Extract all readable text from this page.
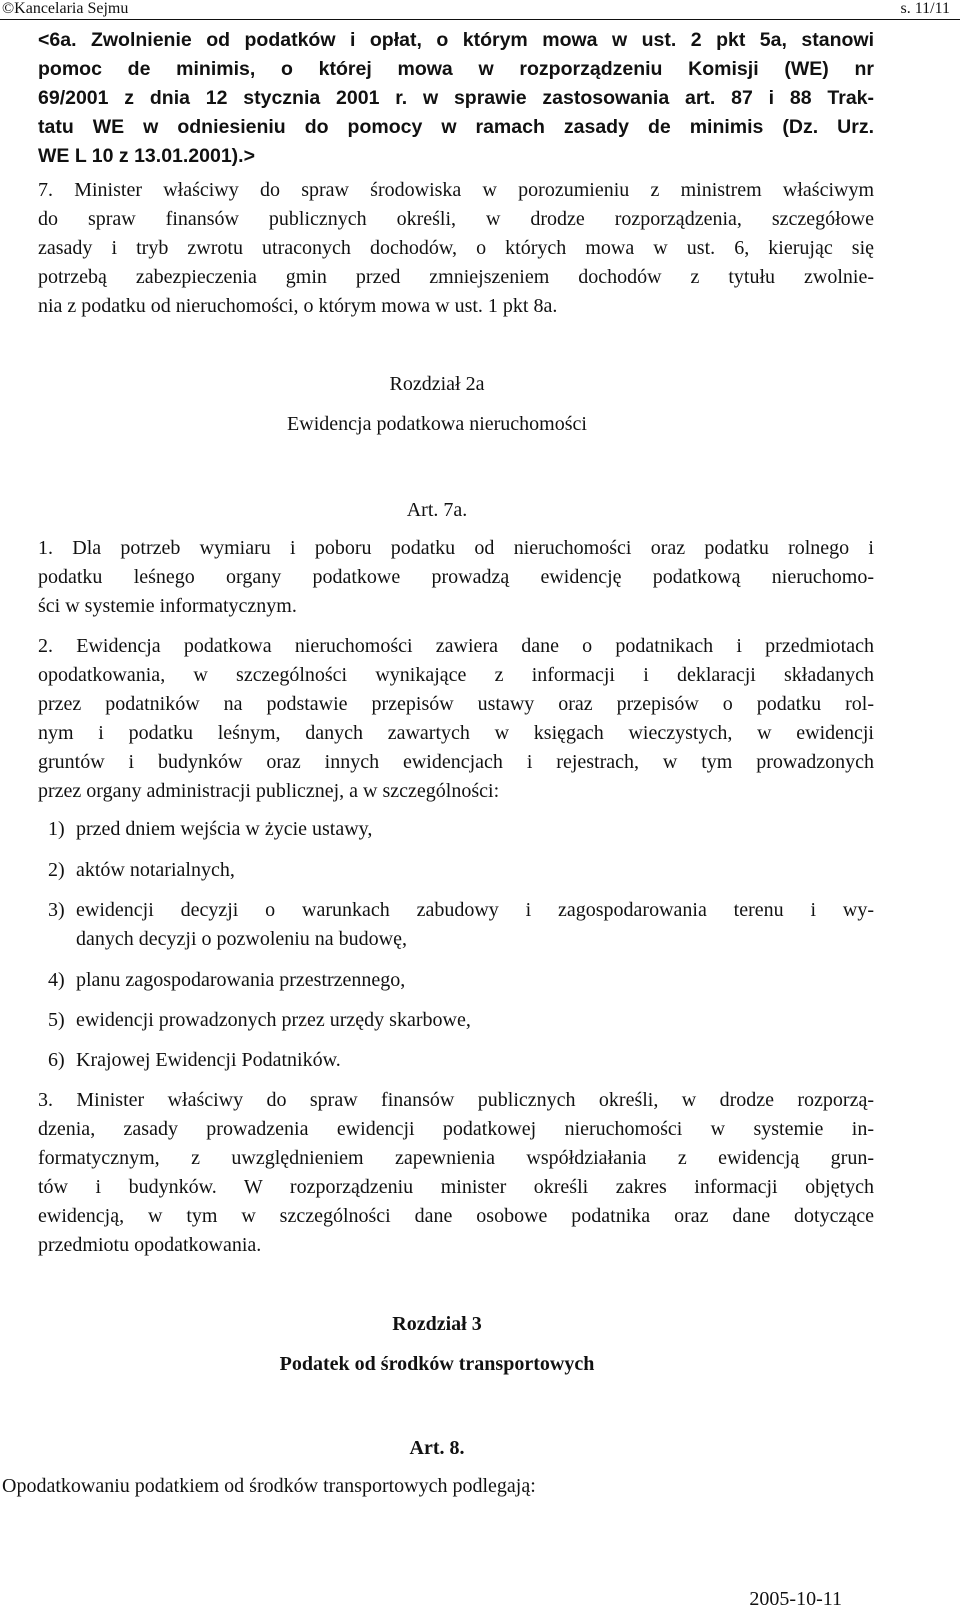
©Kancelaria Sejmu	s. 11/11
<6a. Zwolnienie od podatków i opłat, o którym mowa w ust. 2 pkt 5a, stanowi
pomoc de minimis, o której mowa w rozporządzeniu Komisji (WE) nr
69/2001 z dnia 12 stycznia 2001 r. w sprawie zastosowania art. 87 i 88 Trak-
tatu WE w odniesieniu do pomocy w ramach zasady de minimis (Dz. Urz.
WE L 10 z 13.01.2001).>
7. Minister właściwy do spraw środowiska w porozumieniu z ministrem właściwym
do spraw finansów publicznych określi, w drodze rozporządzenia, szczegółowe
zasady i tryb zwrotu utraconych dochodów, o których mowa w ust. 6, kierując się
potrzebą zabezpieczenia gmin przed zmniejszeniem dochodów z tytułu zwolnie-
nia z podatku od nieruchomości, o którym mowa w ust. 1 pkt 8a.
Rozdział 2a
Ewidencja podatkowa nieruchomości
Art. 7a.
1. Dla potrzeb wymiaru i poboru podatku od nieruchomości oraz podatku rolnego i
podatku leśnego organy podatkowe prowadzą ewidencję podatkową nieruchomo-
ści w systemie informatycznym.
2. Ewidencja podatkowa nieruchomości zawiera dane o podatnikach i przedmiotach
opodatkowania, w szczególności wynikające z informacji i deklaracji składanych
przez podatników na podstawie przepisów ustawy oraz przepisów o podatku rol-
nym i podatku leśnym, danych zawartych w księgach wieczystych, w ewidencji
gruntów i budynków oraz innych ewidencjach i rejestrach, w tym prowadzonych
przez organy administracji publicznej, a w szczególności:
1) przed dniem wejścia w życie ustawy,
2) aktów notarialnych,
3) ewidencji decyzji o warunkach zabudowy i zagospodarowania terenu i wy-
danych decyzji o pozwoleniu na budowę,
4) planu zagospodarowania przestrzennego,
5) ewidencji prowadzonych przez urzędy skarbowe,
6) Krajowej Ewidencji Podatników.
3. Minister właściwy do spraw finansów publicznych określi, w drodze rozporzą-
dzenia, zasady prowadzenia ewidencji podatkowej nieruchomości w systemie in-
formatycznym, z uwzględnieniem zapewnienia współdziałania z ewidencją grun-
tów i budynków. W rozporządzeniu minister określi zakres informacji objętych
ewidencją, w tym w szczególności dane osobowe podatnika oraz dane dotyczące
przedmiotu opodatkowania.
Rozdział 3
Podatek od środków transportowych
Art. 8.
Opodatkowaniu podatkiem od środków transportowych podlegają:
2005-10-11
